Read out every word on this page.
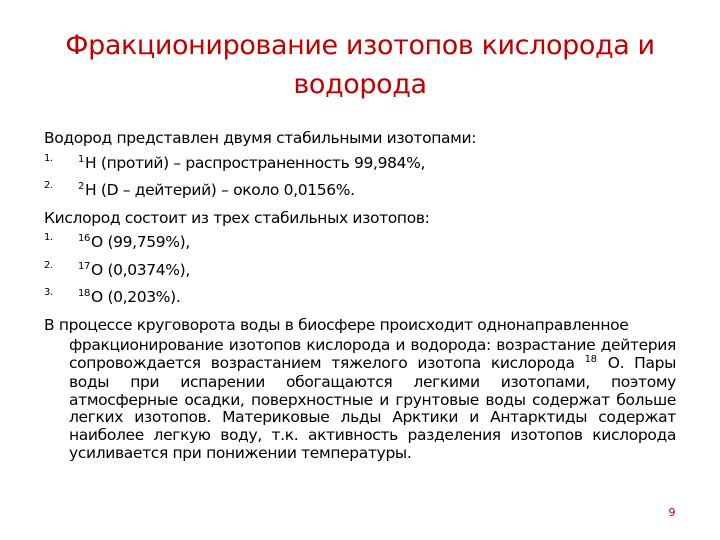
Фракционирование изотопов кислорода и водорода
Водород представлен двумя стабильными изотопами:
1.	$^1$Н (протий) – распространенность 99,984%,
2.	$^2$Н (D – дейтерий) – около 0,0156%.
Кислород состоит из трех стабильных изотопов:
1.	$^{16}$О (99,759%),
2.	$^{17}$О (0,0374%),
3.	$^{18}$О (0,203%).
В процессе круговорота воды в биосфере происходит однонаправленное
фракционирование изотопов кислорода и водорода: возрастание дейтерия сопровождается возрастанием тяжелого изотопа кислорода $^{18}$ О. Пары воды при испарении обогащаются легкими изотопами, поэтому атмосферные осадки, поверхностные и грунтовые воды содержат больше легких изотопов. Материковые льды Арктики и Антарктиды содержат наиболее легкую воду, т.к. активность разделения изотопов кислорода усиливается при понижении температуры.
9
